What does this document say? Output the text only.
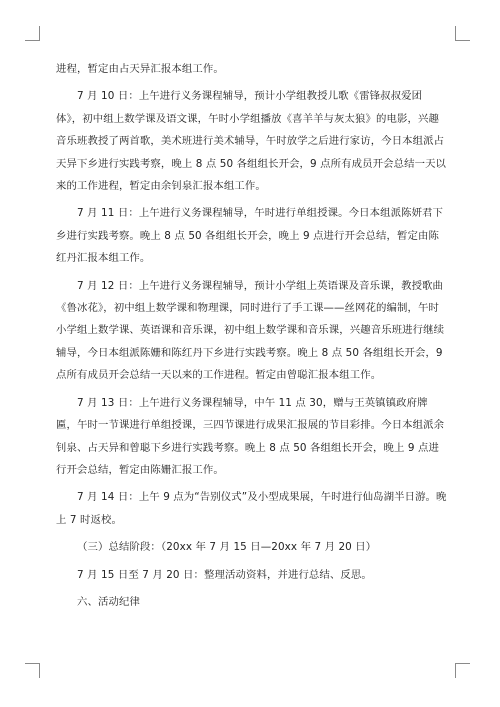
进程，暂定由占天异汇报本组工作。

7 月 10 日：上午进行义务课程辅导，预计小学组教授儿歌《雷锋叔叔爱团体》，初中组上数学课及语文课，午时小学组播放《喜羊羊与灰太狼》的电影，兴趣音乐班教授了两首歌，美术班进行美术辅导，午时放学之后进行家访，今日本组派占天异下乡进行实践考察，晚上 8 点 50 各组组长开会，9 点所有成员开会总结一天以来的工作进程，暂定由余钊泉汇报本组工作。

7 月 11 日：上午进行义务课程辅导，午时进行单组授课。今日本组派陈妍君下乡进行实践考察。晚上 8 点 50 各组组长开会，晚上 9 点进行开会总结，暂定由陈红丹汇报本组工作。

7 月 12 日：上午进行义务课程辅导，预计小学组上英语课及音乐课，教授歌曲《鲁冰花》，初中组上数学课和物理课，同时进行了手工课——丝网花的编制，午时小学组上数学课、英语课和音乐课，初中组上数学课和音乐课，兴趣音乐班进行继续辅导，今日本组派陈姗和陈红丹下乡进行实践考察。晚上 8 点 50 各组组长开会，9 点所有成员开会总结一天以来的工作进程。暂定由曾聪汇报本组工作。

7 月 13 日：上午进行义务课程辅导，中午 11 点 30，赠与王英镇镇政府牌匾，午时一节课进行单组授课，三四节课进行成果汇报展的节目彩排。今日本组派余钊泉、占天异和曾聪下乡进行实践考察。晚上 8 点 50 各组组长开会，晚上 9 点进行开会总结，暂定由陈姗汇报工作。

7 月 14 日：上午 9 点为“告别仪式”及小型成果展，午时进行仙岛湖半日游。晚上 7 时返校。

（三）总结阶段：（20xx 年 7 月 15 日—20xx 年 7 月 20 日）

7 月 15 日至 7 月 20 日：整理活动资料，并进行总结、反思。

六、活动纪律
